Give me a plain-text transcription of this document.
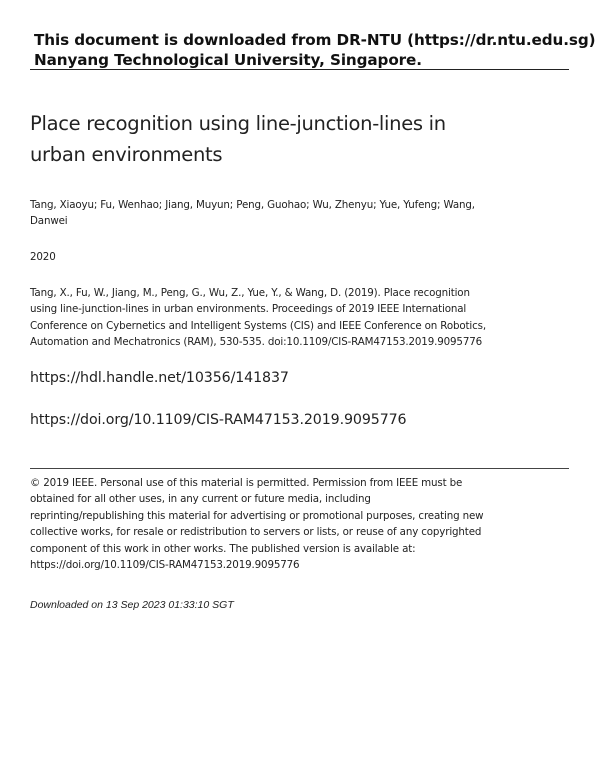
This document is downloaded from DR-NTU (https://dr.ntu.edu.sg)
Nanyang Technological University, Singapore.
Place recognition using line-junction-lines in
urban environments
Tang, Xiaoyu; Fu, Wenhao; Jiang, Muyun; Peng, Guohao; Wu, Zhenyu; Yue, Yufeng; Wang,
Danwei
2020
Tang, X., Fu, W., Jiang, M., Peng, G., Wu, Z., Yue, Y., & Wang, D. (2019). Place recognition
using line-junction-lines in urban environments. Proceedings of 2019 IEEE International
Conference on Cybernetics and Intelligent Systems (CIS) and IEEE Conference on Robotics,
Automation and Mechatronics (RAM), 530-535. doi:10.1109/CIS-RAM47153.2019.9095776
https://hdl.handle.net/10356/141837
https://doi.org/10.1109/CIS-RAM47153.2019.9095776
© 2019 IEEE. Personal use of this material is permitted. Permission from IEEE must be
obtained for all other uses, in any current or future media, including
reprinting/republishing this material for advertising or promotional purposes, creating new
collective works, for resale or redistribution to servers or lists, or reuse of any copyrighted
component of this work in other works. The published version is available at:
https://doi.org/10.1109/CIS-RAM47153.2019.9095776
Downloaded on 13 Sep 2023 01:33:10 SGT
